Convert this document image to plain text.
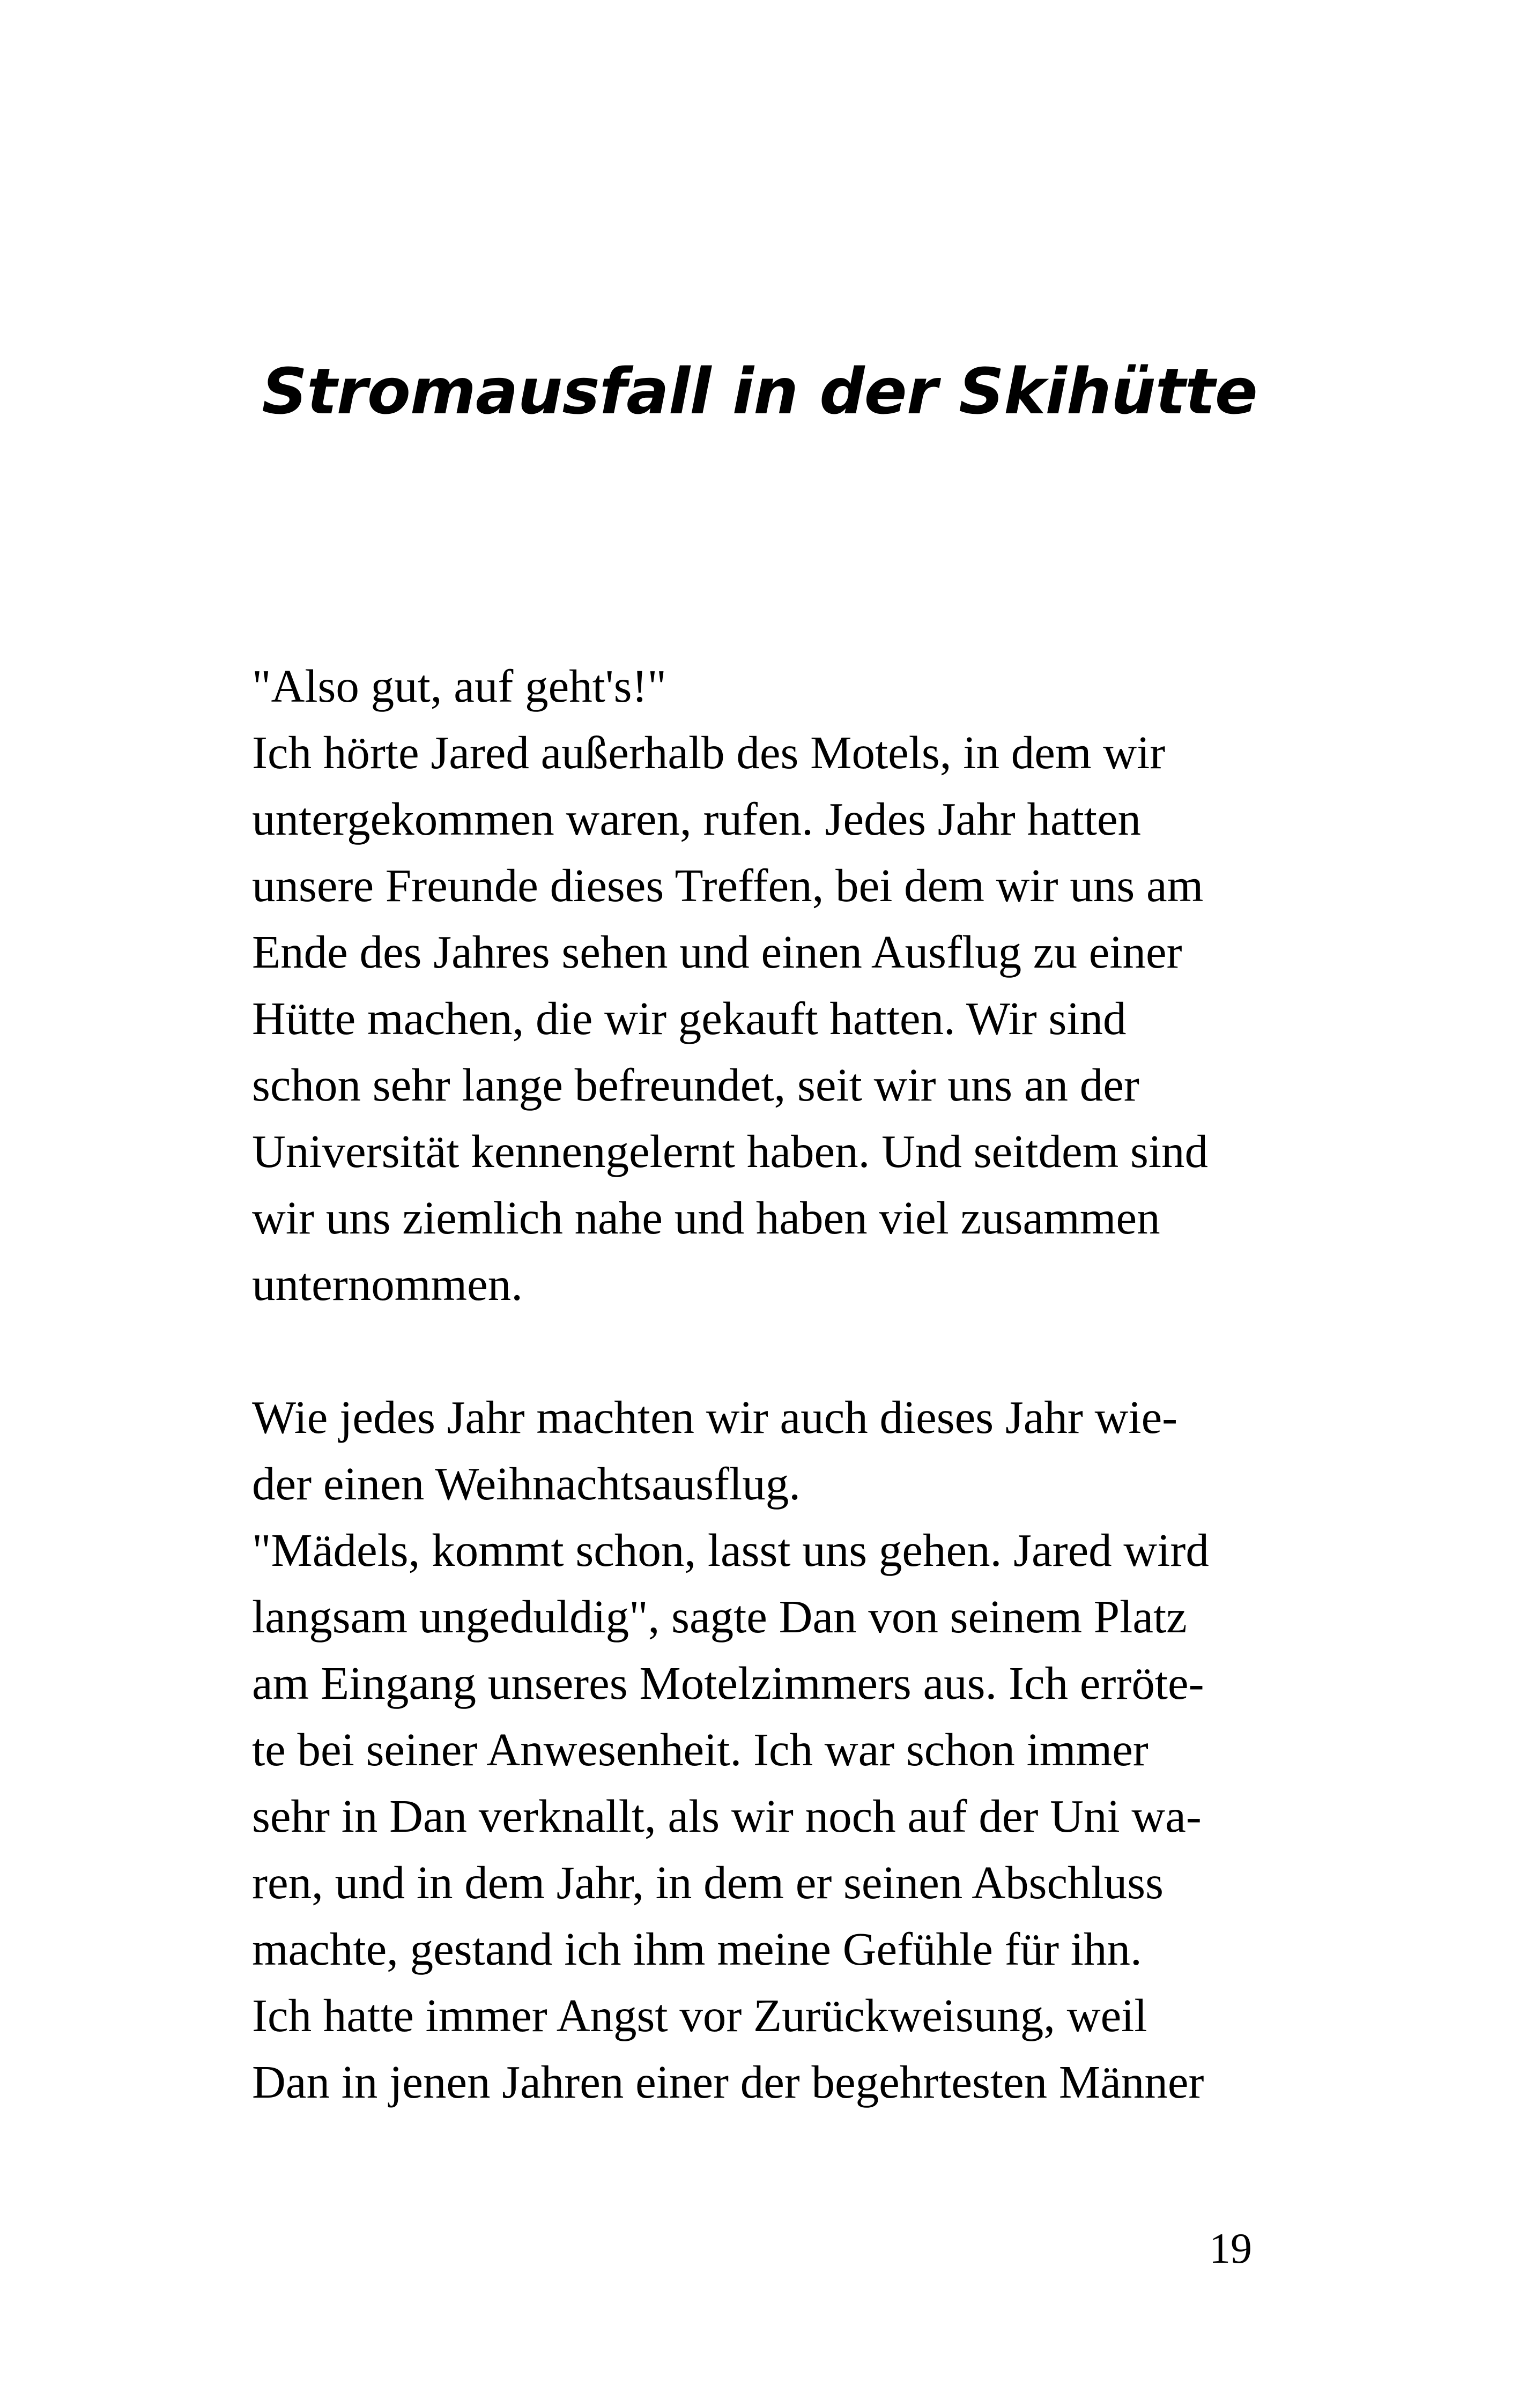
Stromausfall in der Skihütte
"Also gut, auf geht's!"
Ich hörte Jared außerhalb des Motels, in dem wir
untergekommen waren, rufen. Jedes Jahr hatten
unsere Freunde dieses Treffen, bei dem wir uns am
Ende des Jahres sehen und einen Ausflug zu einer
Hütte machen, die wir gekauft hatten. Wir sind
schon sehr lange befreundet, seit wir uns an der
Universität kennengelernt haben. Und seitdem sind
wir uns ziemlich nahe und haben viel zusammen
unternommen.
Wie jedes Jahr machten wir auch dieses Jahr wie-
der einen Weihnachtsausflug.
"Mädels, kommt schon, lasst uns gehen. Jared wird
langsam ungeduldig", sagte Dan von seinem Platz
am Eingang unseres Motelzimmers aus. Ich erröte-
te bei seiner Anwesenheit. Ich war schon immer
sehr in Dan verknallt, als wir noch auf der Uni wa-
ren, und in dem Jahr, in dem er seinen Abschluss
machte, gestand ich ihm meine Gefühle für ihn.
Ich hatte immer Angst vor Zurückweisung, weil
Dan in jenen Jahren einer der begehrtesten Männer
19
